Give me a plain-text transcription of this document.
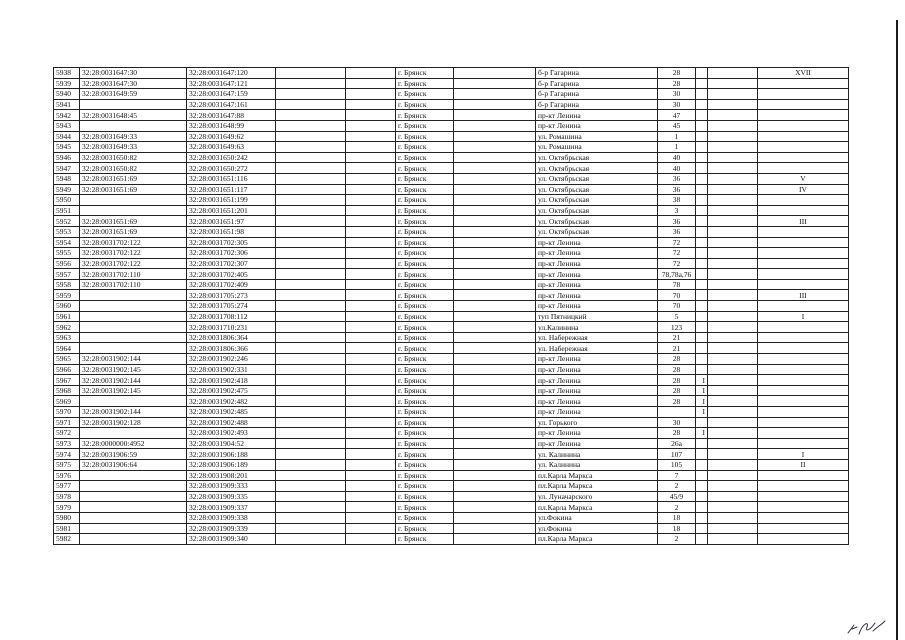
5938	32:28:0031647:30	32:28:0031647:120			г. Брянск		б-р Гагарина	28			XVII
5939	32:28:0031647:30	32:28:0031647:121			г. Брянск		б-р Гагарина	28			
5940	32:28:0031649:59	32:28:0031647:159			г. Брянск		б-р Гагарина	30			
5941		32:28:0031647:161			г. Брянск		б-р Гагарина	30			
5942	32:28:0031648:45	32:28:0031647:88			г. Брянск		пр-кт Ленина	47			
5943		32:28:0031648:99			г. Брянск		пр-кт Ленина	45			
5944	32:28:0031649:33	32:28:0031649:62			г. Брянск		ул. Ромашина	1			
5945	32:28:0031649:33	32:28:0031649:63			г. Брянск		ул. Ромашина	1			
5946	32:28:0031650:82	32:28:0031650:242			г. Брянск		ул. Октябрьская	40			
5947	32:28:0031650:82	32:28:0031650:272			г. Брянск		ул. Октябрьская	40			
5948	32:28:0031651:69	32:28:0031651:116			г. Брянск		ул. Октябрьская	36			V
5949	32:28:0031651:69	32:28:0031651:117			г. Брянск		ул. Октябрьская	36			IV
5950		32:28:0031651:199			г. Брянск		ул. Октябрьская	38			
5951		32:28:0031651:201			г. Брянск		ул. Октябрьская	3			
5952	32:28:0031651:69	32:28:0031651:97			г. Брянск		ул. Октябрьская	36			III
5953	32:28:0031651:69	32:28:0031651:98			г. Брянск		ул. Октябрьская	36			
5954	32:28:0031702:122	32:28:0031702:305			г. Брянск		пр-кт Ленина	72			
5955	32:28:0031702:122	32:28:0031702:306			г. Брянск		пр-кт Ленина	72			
5956	32:28:0031702:122	32:28:0031702:307			г. Брянск		пр-кт Ленина	72			
5957	32:28:0031702:110	32:28:0031702:405			г. Брянск		пр-кт Ленина	78,78а,76			
5958	32:28:0031702:110	32:28:0031702:409			г. Брянск		пр-кт Ленина	78			
5959		32:28:0031705:273			г. Брянск		пр-кт Ленина	70			III
5960		32:28:0031705:274			г. Брянск		пр-кт Ленина	70			
5961		32:28:0031708:112			г. Брянск		туп Пятницкий	5			I
5962		32:28:0031710:231			г. Брянск		ул.Калинина	123			
5963		32:28:0031806:364			г. Брянск		ул. Набережная	21			
5964		32:28:0031806:366			г. Брянск		ул. Набережная	21			
5965	32:28:0031902:144	32:28:0031902:246			г. Брянск		пр-кт Ленина	28			
5966	32:28:0031902:145	32:28:0031902:331			г. Брянск		пр-кт Ленина	28			
5967	32:28:0031902:144	32:28:0031902:418			г. Брянск		пр-кт Ленина	28	I		
5968	32:28:0031902:145	32:28:0031902:475			г. Брянск		пр-кт Ленина	28	I		
5969		32:28:0031902:482			г. Брянск		пр-кт Ленина	28	I		
5970	32:28:0031902:144	32:28:0031902:485			г. Брянск		пр-кт Ленина		I		
5971	32:28:0031902:128	32:28:0031902:488			г. Брянск		ул. Горького	30			
5972		32:28:0031902:493			г. Брянск		пр-кт Ленина	28	I		
5973	32:28:0000000:4952	32:28:0031904:52			г. Брянск		пр-кт Ленина	26а			
5974	32:28:0031906:59	32:28:0031906:188			г. Брянск		ул. Калинина	107			I
5975	32:28:0031906:64	32:28:0031906:189			г. Брянск		ул. Калинина	105			II
5976		32:28:0031908:201			г. Брянск		пл.Карла Маркса	7			
5977		32:28:0031909:333			г. Брянск		пл.Карла Маркса	2			
5978		32:28:0031909:335			г. Брянск		ул. Луначарского	45/9			
5979		32:28:0031909:337			г. Брянск		пл.Карла Маркса	2			
5980		32:28:0031909:338			г. Брянск		ул.Фокина	18			
5981		32:28:0031909:339			г. Брянск		ул.Фокина	18			
5982		32:28:0031909:340			г. Брянск		пл.Карла Маркса	2			
